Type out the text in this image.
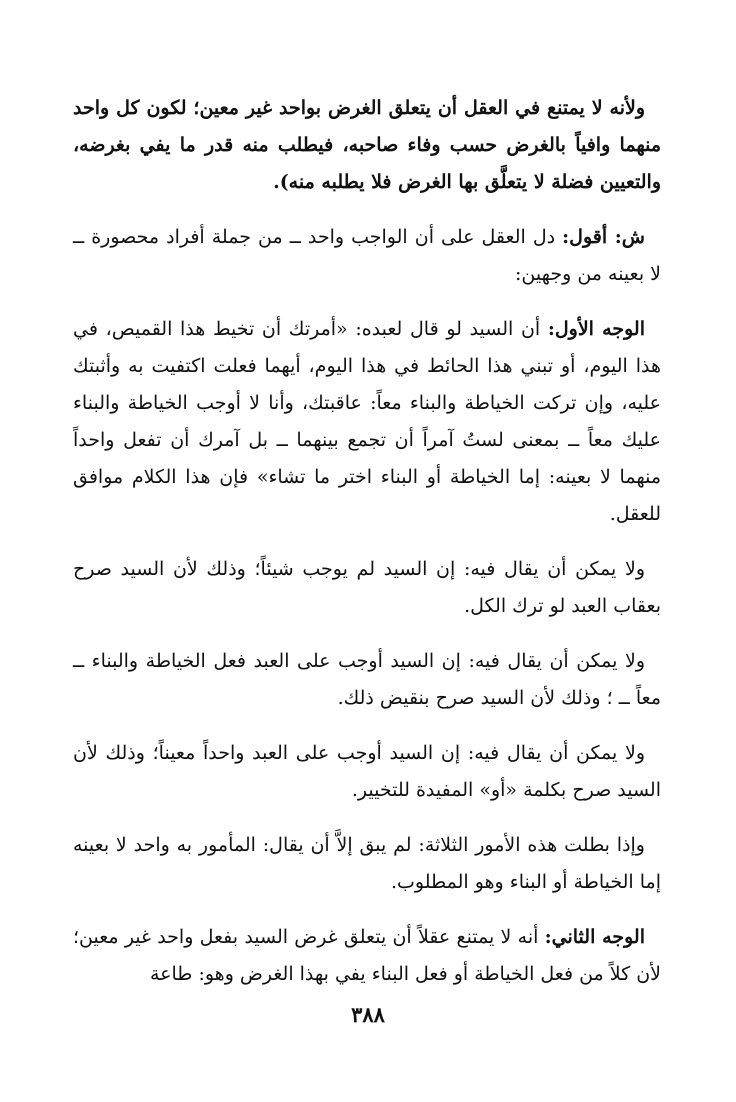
ولأنه لا يمتنع في العقل أن يتعلق الغرض بواحد غير معين؛ لكون كل واحد منهما وافياً بالغرض حسب وفاء صاحبه، فيطلب منه قدر ما يفي بغرضه، والتعيين فضلة لا يتعلَّق بها الغرض فلا يطلبه منه).

ش: أقول: دل العقل على أن الواجب واحد ــ من جملة أفراد محصورة ــ لا بعينه من وجهين:

الوجه الأول: أن السيد لو قال لعبده: «أمرتك أن تخيط هذا القميص، في هذا اليوم، أو تبني هذا الحائط في هذا اليوم، أيهما فعلت اكتفيت به وأثبتك عليه، وإن تركت الخياطة والبناء معاً: عاقبتك، وأنا لا أوجب الخياطة والبناء عليك معاً ــ بمعنى لستُ آمراً أن تجمع بينهما ــ بل آمرك أن تفعل واحداً منهما لا بعينه: إما الخياطة أو البناء اختر ما تشاء» فإن هذا الكلام موافق للعقل.

ولا يمكن أن يقال فيه: إن السيد لم يوجب شيئاً؛ وذلك لأن السيد صرح بعقاب العبد لو ترك الكل.

ولا يمكن أن يقال فيه: إن السيد أوجب على العبد فعل الخياطة والبناء ــ معاً ــ ؛ وذلك لأن السيد صرح بنقيض ذلك.

ولا يمكن أن يقال فيه: إن السيد أوجب على العبد واحداً معيناً؛ وذلك لأن السيد صرح بكلمة «أو» المفيدة للتخيير.

وإذا بطلت هذه الأمور الثلاثة: لم يبق إلاَّ أن يقال: المأمور به واحد لا بعينه إما الخياطة أو البناء وهو المطلوب.

الوجه الثاني: أنه لا يمتنع عقلاً أن يتعلق غرض السيد بفعل واحد غير معين؛ لأن كلاً من فعل الخياطة أو فعل البناء يفي بهذا الغرض وهو: طاعة

٣٨٨
